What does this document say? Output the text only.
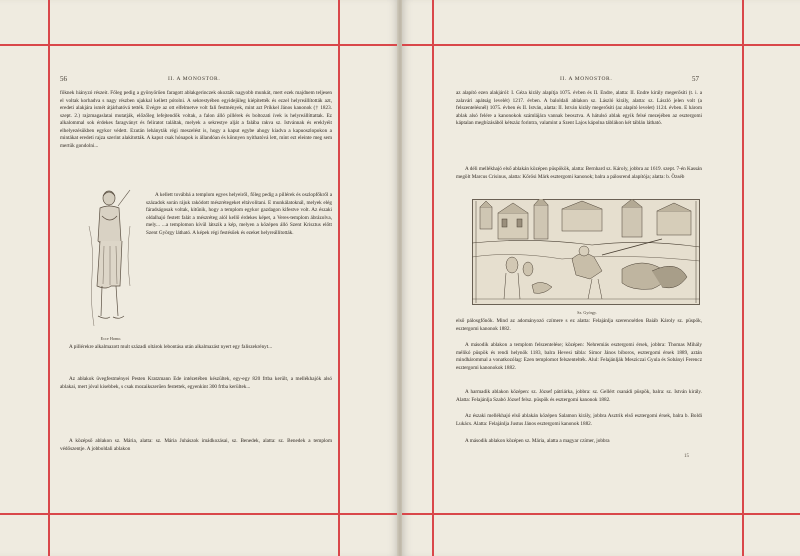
56	II. A MONOSTOR.

főknek hiányzó részeit. Főleg pedig a gyönyörűen faragott ablakgerinczek okozták nagyobb munkát, mert ezek majdnem teljesen el voltak korhadva s nagy részben ujakkal kellett pótolni. A sekrestyében egyidejüleg kiépítették és ezzel helyreállították azt, eredeti alakjára ismét átjárhatóvá tették. Evégre az ott elfelmetve volt fali festmények, mint azt Prikkel János kanonok († 1823. szept. 2.) rajzmagaslatai mutatják, előzőleg lefejtendők voltak, a falon álló pillérek és boltozati ívek is helyreállíttattak. Ez alkalommal sok érdekes faragványt és feliratot találtak, melyek a sekrestye alját a falába rakva sz. Istvánnak és ereklyéit elhelyezésükben egykor védett. Ezután lehányták régi meszelést is, hogy a kaput egybe ahogy kiadva a kapuoszlopokon a mintákat eredeti rajza szerint alakították. A kaput csak hónapok is állandóan és könnyen nyithatóvá lett, mint ezt eleinte meg sem mertük gondolni...

Ecce Homo.

A kellett továbbá a templom egyes helyeiről, főleg pedig a pillérek és oszlopfőkről a századok során rájuk rakódott mészrétegeket eltávolítani. E munkálatoknál, melyek elég fáradságosak voltak, kitűnik, hogy a templom egykor gazdagon kifestve volt. Az északi oldalhajó festett falát a mészréteg alól kellő érdekes képet, a Veres-templom ábrázolva, mely... ...a templomon kívül látszik a kép, melyen a középen álló Szent Krisztus előtt Szent György látható. A képek régi festésűek és ezeket helyreállították.

A pillérekre alkalmazott mult századi oltárok lebontása után alkalmazást nyert egy faliszekrényt...

Az ablakok üvegfestményei Pesten Kratzmann Ede intézetében készültek, egy-egy 820 frtba került, a mellékhajók alsó ablakai, mert jóval kisebbek, s csak mozaikszerűen festettek, egyenkint 300 frtba kerültek...

A középső ablakon sz. Mária, alatta: sz. Mária Juhászok imádkozásai, sz. Benedek, alatta: sz. Benedek a templom védőszentje. A jobboldali ablakon

II. A MONOSTOR.	57

az alapító ezen alakjáról: I. Géza király alapítja 1075. évben és II. Endre, alatta: II. Endre király megerősíti (t. i. a zalavári apátság levelét) 1217. évben. A baloldali ablakon sz. László király, alatta: sz. László jelen volt (a felszentelésnél) 1075. évben és II. István, alatta: II. István király megerősíti (az alapító levelet) 1124. évben. E három ablak alsó felére a kanonokok számlájára vannak beosztva. A hátulsó ablak egyik felsé mezejében az esztergomi káptalan megbízásából kétszáz forintra, valamint a Szent Lajos kápolna táblákon két táblán látható.

A déli mellékhajó első ablakán középen püspökök, alatta: Bernhard sz. Károly, jobbra az 1619. szept. 7-én Kassán megölt Marcus Crisinus, alatta: Kőrösi Márk esztergomi kanonok; balra a pálosrend alapítója; alatta: b. Özséb

Sz. György.

első pálosgfőnök. Mind az adományozó czímere s ez alatta: Felajánlja szerencsétlen Baiáb Károly sz. püspök, esztergomi kanonok 1882.

A második ablakon a templom felszentelése; középen: Nehremiás esztergomi érsek, jobbra: Thomas Mihály mélikó püspök és rendi helynök 1183, balra Hevesi tábla: Simor János bíboros, esztergomi érsek 1889, aztán mindhárommal a vonatkozólag: Ezen templomot felszentelték. Alul: Felajánlják Mesziczai Gyula és Sobányi Ferencz esztergomi kanonokok 1882.

A harmadik ablakon középen: sz. József pátriárka, jobbra: sz. Gellért csanádi püspök, balra: sz. István király. Alatta: Felajánlja Szabó József felsz. püspök és esztergomi kanonok 1882.

Az északi mellékhajó első ablakán középen Salamon király, jobbra Asztrik első esztergomi érsek, balra b. Boldi Lukács. Alatta: Felajánlja Justus János esztergomi kanonok 1882.

A második ablakon középen sz. Mária, alatta a magyar czímer, jobbra

15
